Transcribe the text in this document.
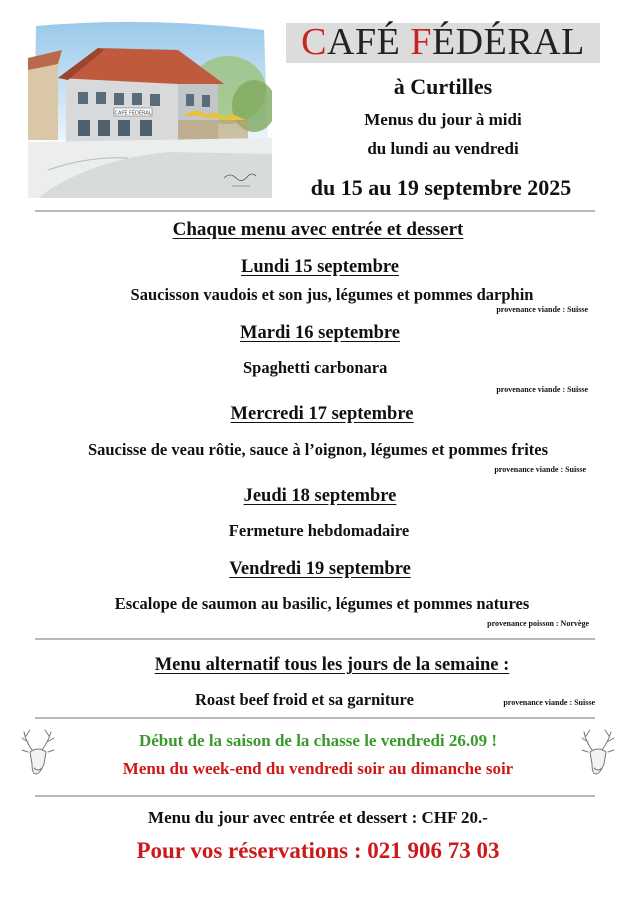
CAFÉ FÉDÉRAL
CAFÉ FÉDÉRAL
à Curtilles
Menus du jour à midi
du lundi au vendredi
du 15 au 19 septembre 2025
Chaque menu avec entrée et dessert
Lundi 15 septembre
Saucisson vaudois et son jus, légumes et pommes darphin
provenance viande : Suisse
Mardi 16 septembre
Spaghetti carbonara
provenance viande : Suisse
Mercredi 17 septembre
Saucisse de veau rôtie, sauce à l’oignon, légumes et pommes frites
provenance viande : Suisse
Jeudi 18 septembre
Fermeture hebdomadaire
Vendredi 19 septembre
Escalope de saumon au basilic, légumes et pommes natures
provenance poisson : Norvège
Menu alternatif tous les jours de la semaine :
Roast beef froid et sa garniture	provenance viande : Suisse
Début de la saison de la chasse le vendredi 26.09 !
Menu du week-end du vendredi soir au dimanche soir
Menu du jour avec entrée et dessert : CHF 20.-
Pour vos réservations : 021 906 73 03
